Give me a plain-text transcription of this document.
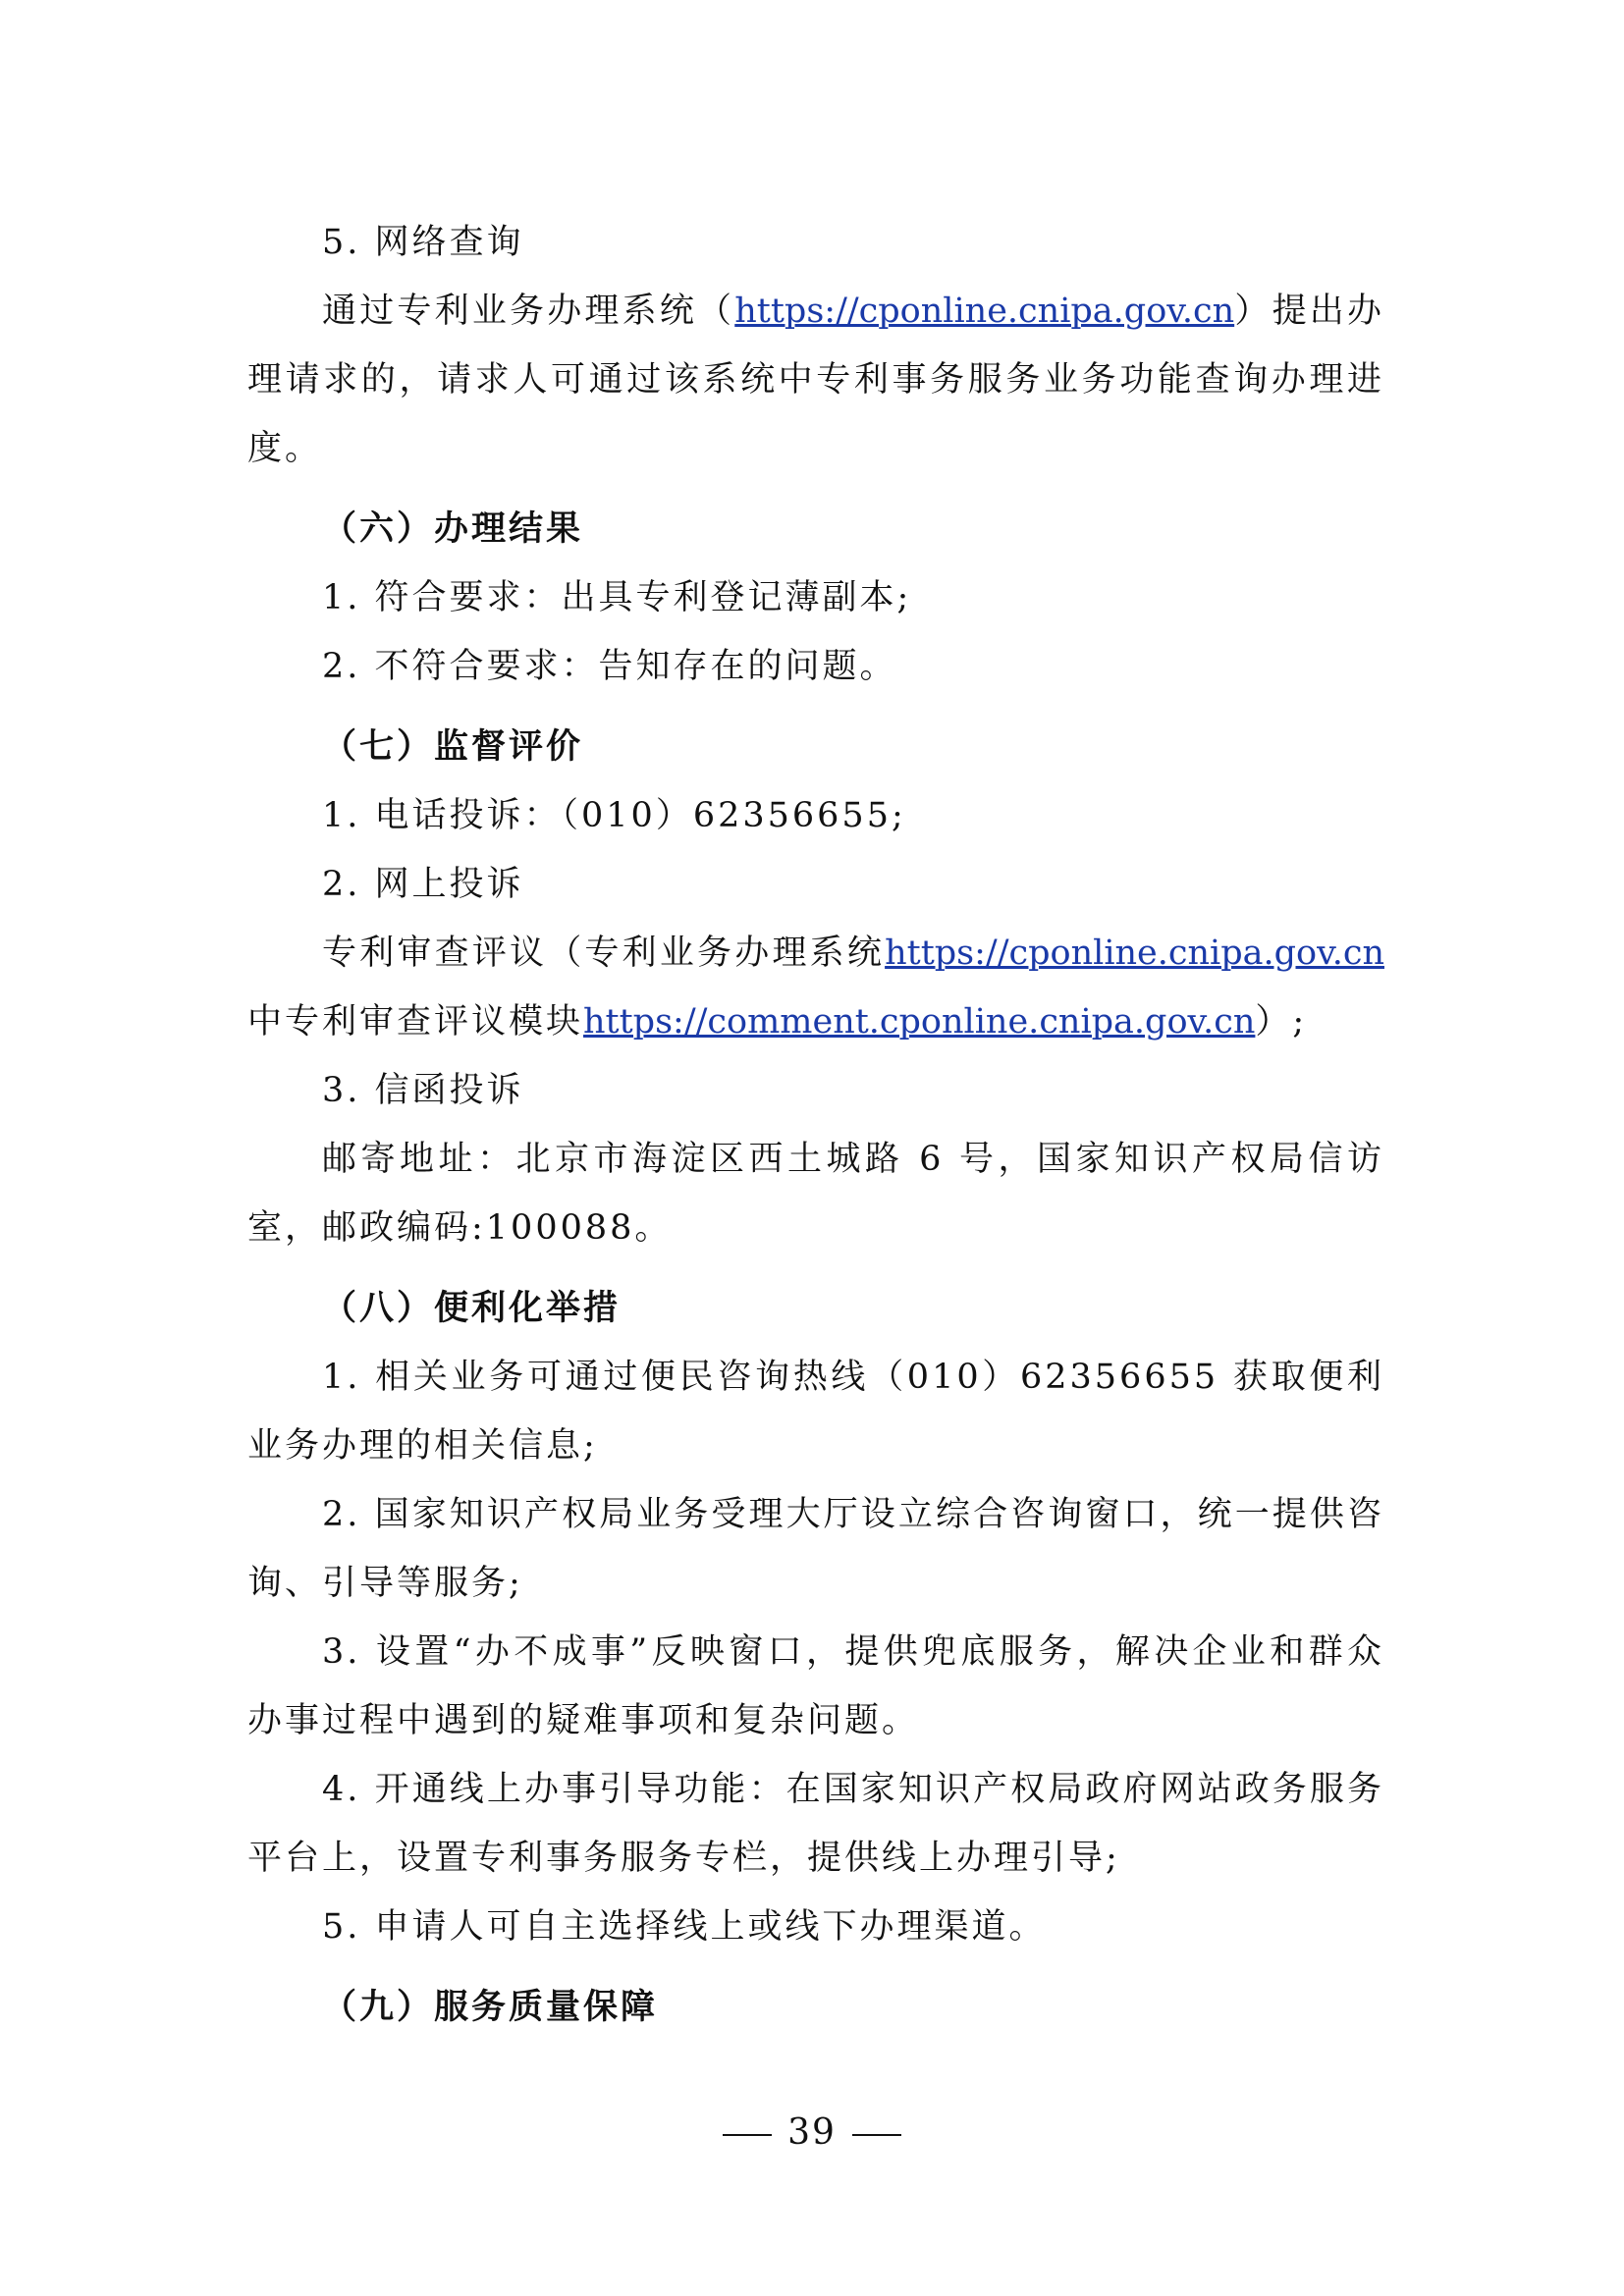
5. 网络查询

通过专利业务办理系统（https://cponline.cnipa.gov.cn）提出办理请求的，请求人可通过该系统中专利事务服务业务功能查询办理进度。

（六）办理结果

1. 符合要求：出具专利登记薄副本;

2. 不符合要求：告知存在的问题。

（七）监督评价

1. 电话投诉：（010）62356655;

2. 网上投诉

专利审查评议（专利业务办理系统https://cponline.cnipa.gov.cn 中专利审查评议模块https://comment.cponline.cnipa.gov.cn）;

3. 信函投诉

邮寄地址：北京市海淀区西土城路 6 号，国家知识产权局信访室，邮政编码:100088。

（八）便利化举措

1. 相关业务可通过便民咨询热线（010）62356655 获取便利业务办理的相关信息;

2. 国家知识产权局业务受理大厅设立综合咨询窗口，统一提供咨询、引导等服务;

3. 设置“办不成事”反映窗口，提供兜底服务，解决企业和群众办事过程中遇到的疑难事项和复杂问题。

4. 开通线上办事引导功能：在国家知识产权局政府网站政务服务平台上，设置专利事务服务专栏，提供线上办理引导;

5. 申请人可自主选择线上或线下办理渠道。

（九）服务质量保障

39
